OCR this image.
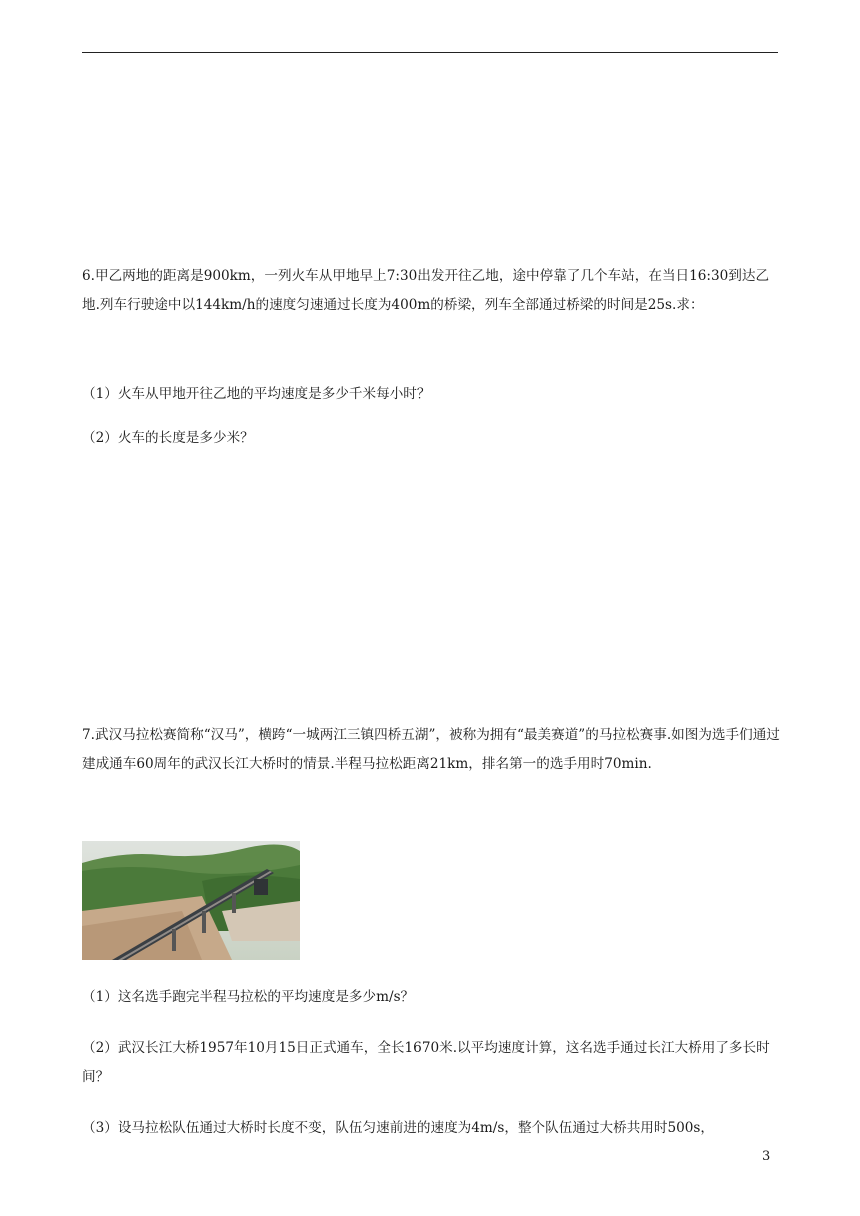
6.甲乙两地的距离是900km，一列火车从甲地早上7:30出发开往乙地，途中停靠了几个车站，在当日16:30到达乙地.列车行驶途中以144km/h的速度匀速通过长度为400m的桥梁，列车全部通过桥梁的时间是25s.求：

（1）火车从甲地开往乙地的平均速度是多少千米每小时？

（2）火车的长度是多少米？

7.武汉马拉松赛简称“汉马”，横跨“一城两江三镇四桥五湖”，被称为拥有“最美赛道”的马拉松赛事.如图为选手们通过建成通车60周年的武汉长江大桥时的情景.半程马拉松距离21km，排名第一的选手用时70min.

（1）这名选手跑完半程马拉松的平均速度是多少m/s？

（2）武汉长江大桥1957年10月15日正式通车，全长1670米.以平均速度计算，这名选手通过长江大桥用了多长时间？

（3）设马拉松队伍通过大桥时长度不变，队伍匀速前进的速度为4m/s，整个队伍通过大桥共用时500s，

3
